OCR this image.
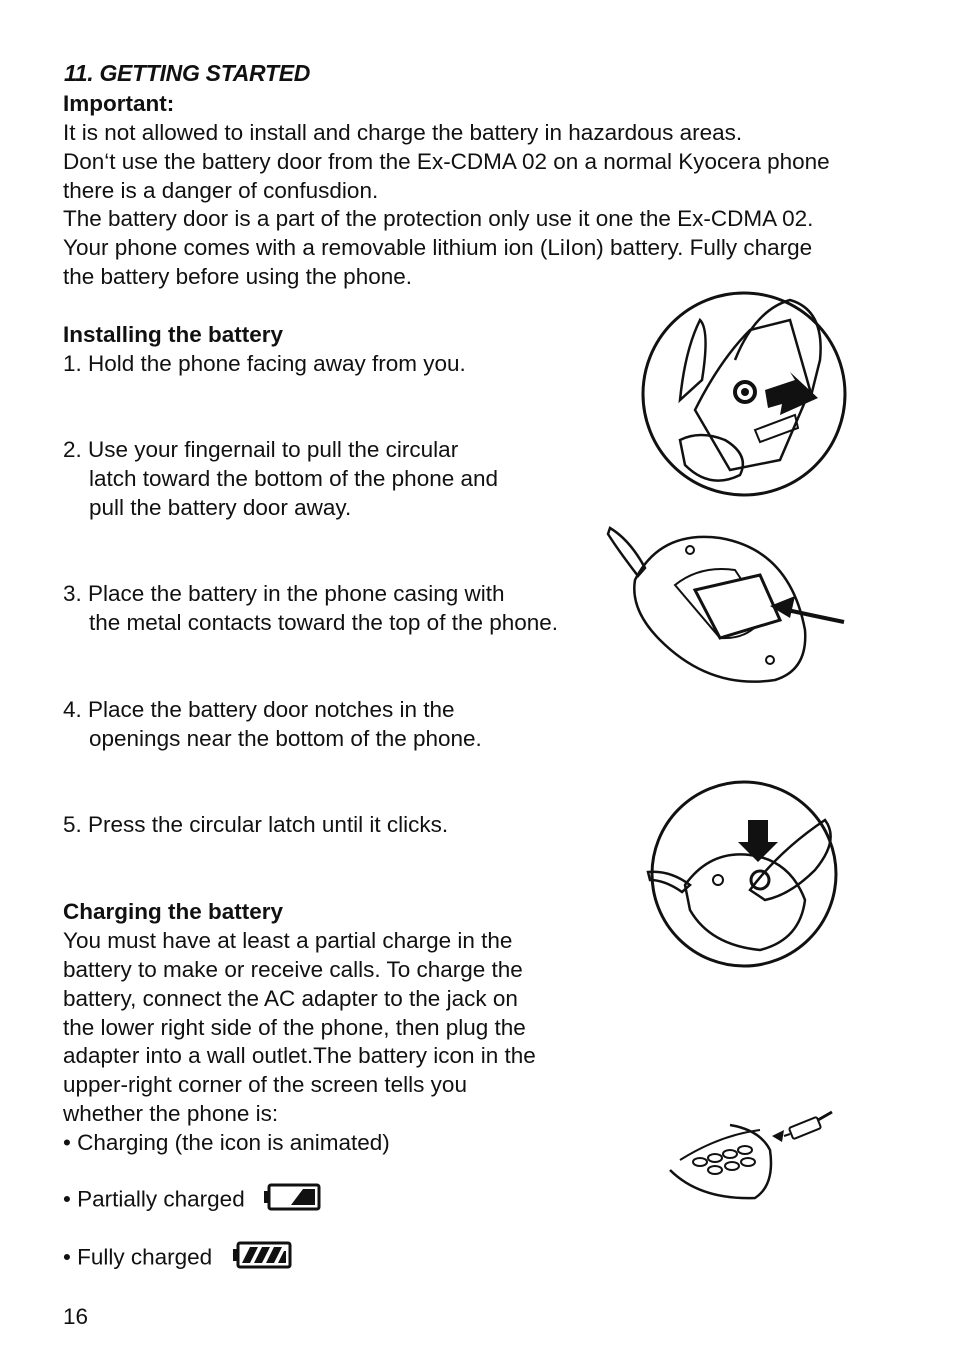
11. GETTING STARTED

Important:

It is not allowed to install and charge the battery in hazardous areas.

Don‘t use the battery door from the Ex-CDMA 02 on a normal Kyocera phone

there is a danger of confusdion.

The battery door is a part of the protection only use it one the Ex-CDMA 02.

Your phone comes with a removable lithium ion (LiIon) battery. Fully charge

the battery before using the phone.

Installing the battery

1. Hold the phone facing away from you.

2. Use your fingernail to pull the circular

latch toward the bottom of the phone and

pull the battery door away.

3. Place the battery in the phone casing with

the metal contacts toward the top of the phone.

4. Place the battery door notches in the

openings near the bottom of the phone.

5. Press the circular latch until it clicks.

Charging the battery

You must have at least a partial charge in the

battery to make or receive calls. To charge the

battery, connect the AC adapter to the jack on

the lower right side of the phone, then plug the

adapter into a wall outlet.The battery icon in the

upper-right corner of the screen tells you

whether the phone is:

• Charging (the icon is animated)

• Partially charged
• Fully charged
16
